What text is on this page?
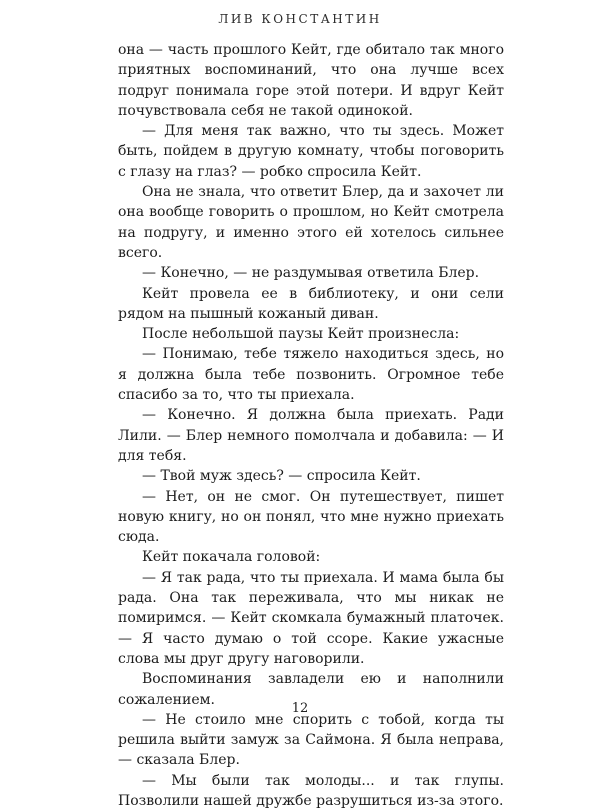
ЛИВ КОНСТАНТИН

она — часть прошлого Кейт, где обитало так много приятных воспоминаний, что она лучше всех подруг понимала горе этой потери. И вдруг Кейт почувствовала себя не такой одинокой.

— Для меня так важно, что ты здесь. Может быть, пойдем в другую комнату, чтобы поговорить с глазу на глаз? — робко спросила Кейт.

Она не знала, что ответит Блер, да и захочет ли она вообще говорить о прошлом, но Кейт смотрела на подругу, и именно этого ей хотелось сильнее всего.

— Конечно, — не раздумывая ответила Блер.

Кейт провела ее в библиотеку, и они сели рядом на пышный кожаный диван.

После небольшой паузы Кейт произнесла:

— Понимаю, тебе тяжело находиться здесь, но я должна была тебе позвонить. Огромное тебе спасибо за то, что ты приехала.

— Конечно. Я должна была приехать. Ради Лили. — Блер немного помолчала и добавила: — И для тебя.

— Твой муж здесь? — спросила Кейт.

— Нет, он не смог. Он путешествует, пишет новую книгу, но он понял, что мне нужно приехать сюда.

Кейт покачала головой:

— Я так рада, что ты приехала. И мама была бы рада. Она так переживала, что мы никак не помиримся. — Кейт скомкала бумажный платочек. — Я часто думаю о той ссоре. Какие ужасные слова мы друг другу наговорили.

Воспоминания завладели ею и наполнили сожалением.

— Не стоило мне спорить с тобой, когда ты решила выйти замуж за Саймона. Я была неправа, — сказала Блер.

— Мы были так молоды... и так глупы. Позволили нашей дружбе разрушиться из-за этого.

12
